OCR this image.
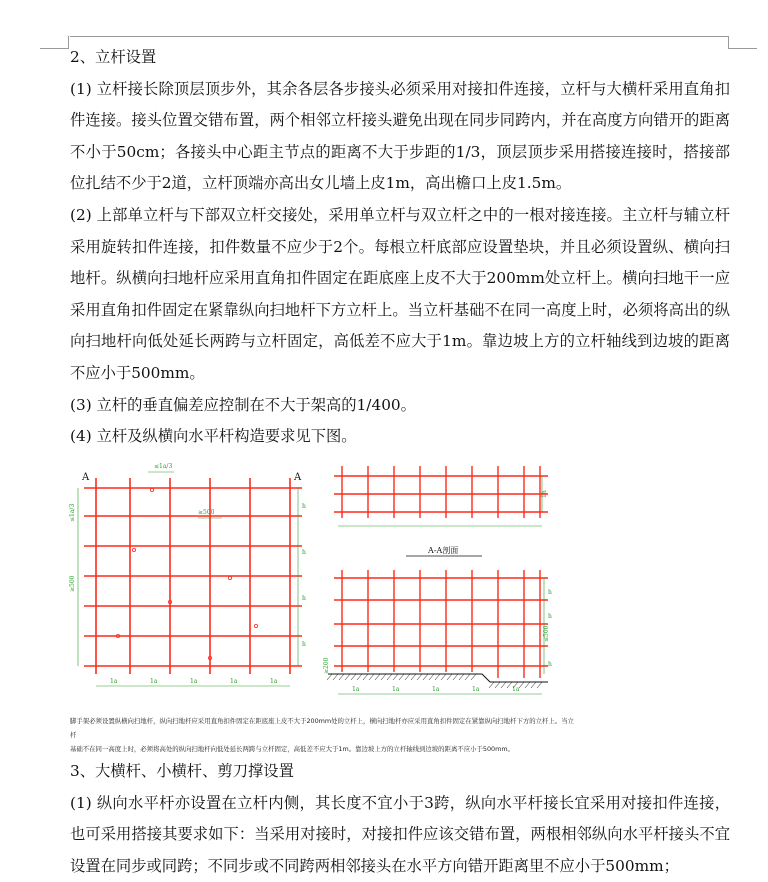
2、立杆设置

(1) 立杆接长除顶层顶步外，其余各层各步接头必须采用对接扣件连接，立杆与大横杆采用直角扣件连接。接头位置交错布置，两个相邻立杆接头避免出现在同步同跨内，并在高度方向错开的距离不小于50cm；各接头中心距主节点的距离不大于步距的1/3，顶层顶步采用搭接连接时，搭接部位扎结不少于2道，立杆顶端亦高出女儿墙上皮1m，高出檐口上皮1.5m。

(2) 上部单立杆与下部双立杆交接处，采用单立杆与双立杆之中的一根对接连接。主立杆与辅立杆采用旋转扣件连接，扣件数量不应少于2个。每根立杆底部应设置垫块，并且必须设置纵、横向扫地杆。纵横向扫地杆应采用直角扣件固定在距底座上皮不大于200mm处立杆上。横向扫地干一应采用直角扣件固定在紧靠纵向扫地杆下方立杆上。当立杆基础不在同一高度上时，必须将高出的纵向扫地杆向低处延长两跨与立杆固定，高低差不应大于1m。靠边坡上方的立杆轴线到边坡的距离不应小于500mm。

(3) 立杆的垂直偏差应控制在不大于架高的1/400。

(4) 立杆及纵横向水平杆构造要求见下图。

1a	1a	1a	1a	1a
h
h
h
h
1a	1a	1a	1a	1a
h
h
≤500
h
A	A
≤1a/3
≤1a/3
≥500
≥500
A-A剖面
1h
≥200
脚手架必须设置纵横向扫地杆，纵向扫地杆应采用直角扣件固定在距底座上皮不大于200mm处的立杆上，横向扫地杆亦应采用直角扣件固定在紧靠纵向扫地杆下方的立杆上。当立杆
基础不在同一高度上时，必须将高处的纵向扫地杆向低处延长两跨与立杆固定，高低差不应大于1m。靠边坡上方的立杆轴线到边坡的距离不应小于500mm。

3、大横杆、小横杆、剪刀撑设置

(1) 纵向水平杆亦设置在立杆内侧，其长度不宜小于3跨，纵向水平杆接长宜采用对接扣件连接，也可采用搭接其要求如下：当采用对接时，对接扣件应该交错布置，两根相邻纵向水平杆接头不宜设置在同步或同跨；不同步或不同跨两相邻接头在水平方向错开距离里不应小于500mm；
